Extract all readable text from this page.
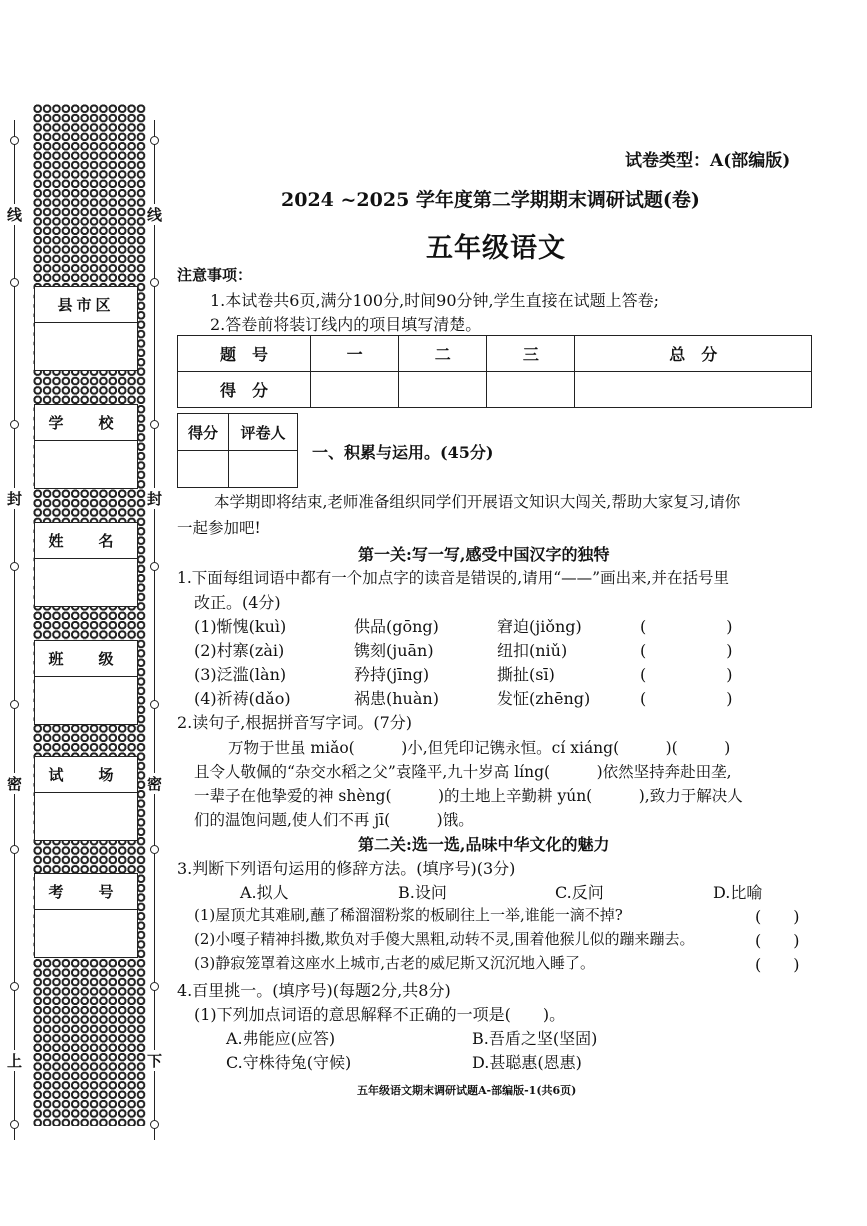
线	线
封	封
密	密
上	下
县市区
学　校
姓　名
班　级
试　场
考　号
试卷类型：A(部编版)
2024 ~2025 学年度第二学期期末调研试题(卷)
五年级语文
注意事项：
1.本试卷共6页,满分100分,时间90分钟,学生直接在试题上答卷;
2.答卷前将装订线内的项目填写清楚。
题　号	一	二	三	总　分
得　分				
得分	评卷人

一、积累与运用。(45分)
本学期即将结束,老师准备组织同学们开展语文知识大闯关,帮助大家复习,请你
一起参加吧!
第一关:写一写,感受中国汉字的独特
1.下面每组词语中都有一个加点字的读音是错误的,请用“——”画出来,并在括号里
改正。(4分)
(1)惭愧(kuì)	供品(gōng)	窘迫(jiǒng)	(　　　　　)
(2)村寨(zài)	镌刻(juān)	纽扣(niǔ)	(　　　　　)
(3)泛滥(làn)	矜持(jīng)	撕扯(sī)	(　　　　　)
(4)祈祷(dǎo)	祸患(huàn)	发怔(zhēng)	(　　　　　)
2.读句子,根据拼音写字词。(7分)
万物于世虽 miǎo(　　　)小,但凭印记镌永恒。cí xiáng(　　　)(　　　)
且令人敬佩的“杂交水稻之父”袁隆平,九十岁高 líng(　　　)依然坚持奔赴田垄,
一辈子在他挚爱的神 shèng(　　　)的土地上辛勤耕 yún(　　　),致力于解决人
们的温饱问题,使人们不再 jī(　　　)饿。
第二关:选一选,品味中华文化的魅力
3.判断下列语句运用的修辞方法。(填序号)(3分)
A.拟人	B.设问	C.反问	D.比喻
(1)屋顶尤其难刷,蘸了稀溜溜粉浆的板刷往上一举,谁能一滴不掉?	(　　)
(2)小嘎子精神抖擞,欺负对手傻大黑粗,动转不灵,围着他猴儿似的蹦来蹦去。	(　　)
(3)静寂笼罩着这座水上城市,古老的威尼斯又沉沉地入睡了。	(　　)
4.百里挑一。(填序号)(每题2分,共8分)
(1)下列加点词语的意思解释不正确的一项是(　　)。
A.弗能应(应答)	B.吾盾之坚(坚固)
C.守株待兔(守候)	D.甚聪惠(恩惠)
五年级语文期末调研试题A-部编版-1(共6页)
